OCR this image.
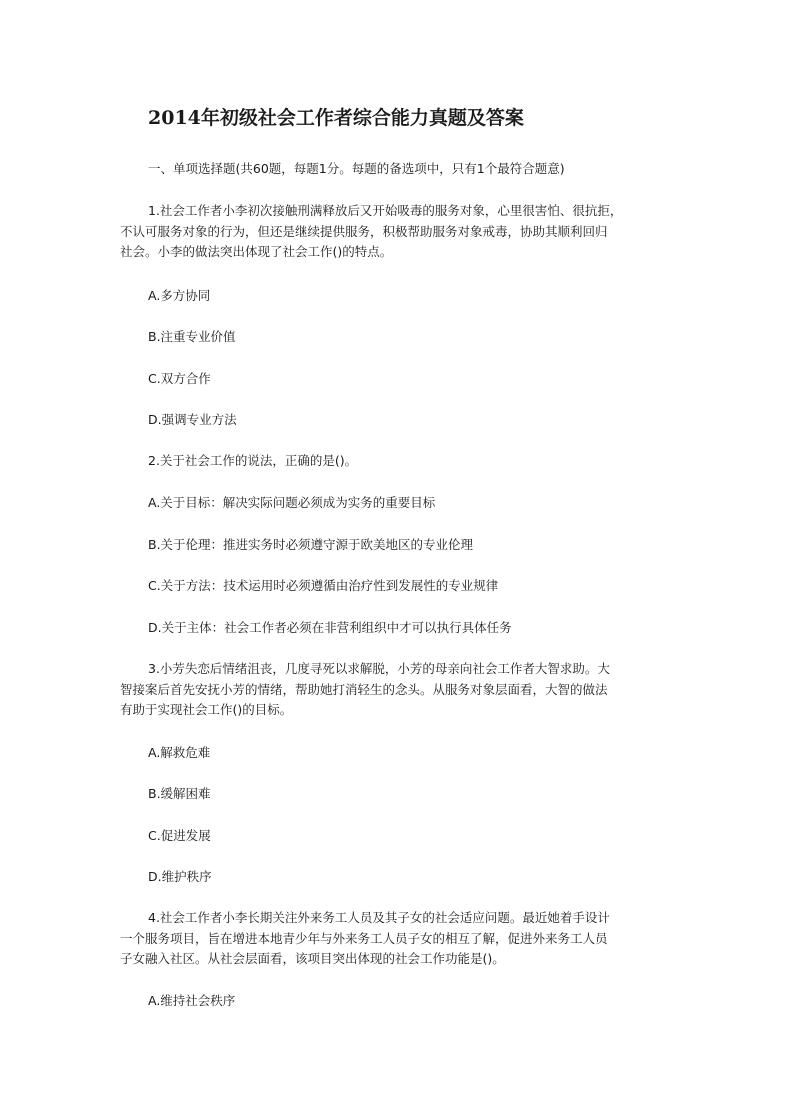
2014年初级社会工作者综合能力真题及答案
一、单项选择题(共60题，每题1分。每题的备选项中，只有1个最符合题意)
1.社会工作者小李初次接触刑满释放后又开始吸毒的服务对象，心里很害怕、很抗拒，
不认可服务对象的行为，但还是继续提供服务，积极帮助服务对象戒毒，协助其顺利回归
社会。小李的做法突出体现了社会工作()的特点。
A.多方协同
B.注重专业价值
C.双方合作
D.强调专业方法
2.关于社会工作的说法，正确的是()。
A.关于目标：解决实际问题必须成为实务的重要目标
B.关于伦理：推进实务时必须遵守源于欧美地区的专业伦理
C.关于方法：技术运用时必须遵循由治疗性到发展性的专业规律
D.关于主体：社会工作者必须在非营利组织中才可以执行具体任务
3.小芳失恋后情绪沮丧，几度寻死以求解脱，小芳的母亲向社会工作者大智求助。大
智接案后首先安抚小芳的情绪，帮助她打消轻生的念头。从服务对象层面看，大智的做法
有助于实现社会工作()的目标。
A.解救危难
B.缓解困难
C.促进发展
D.维护秩序
4.社会工作者小李长期关注外来务工人员及其子女的社会适应问题。最近她着手设计
一个服务项目，旨在增进本地青少年与外来务工人员子女的相互了解，促进外来务工人员
子女融入社区。从社会层面看，该项目突出体现的社会工作功能是()。
A.维持社会秩序
